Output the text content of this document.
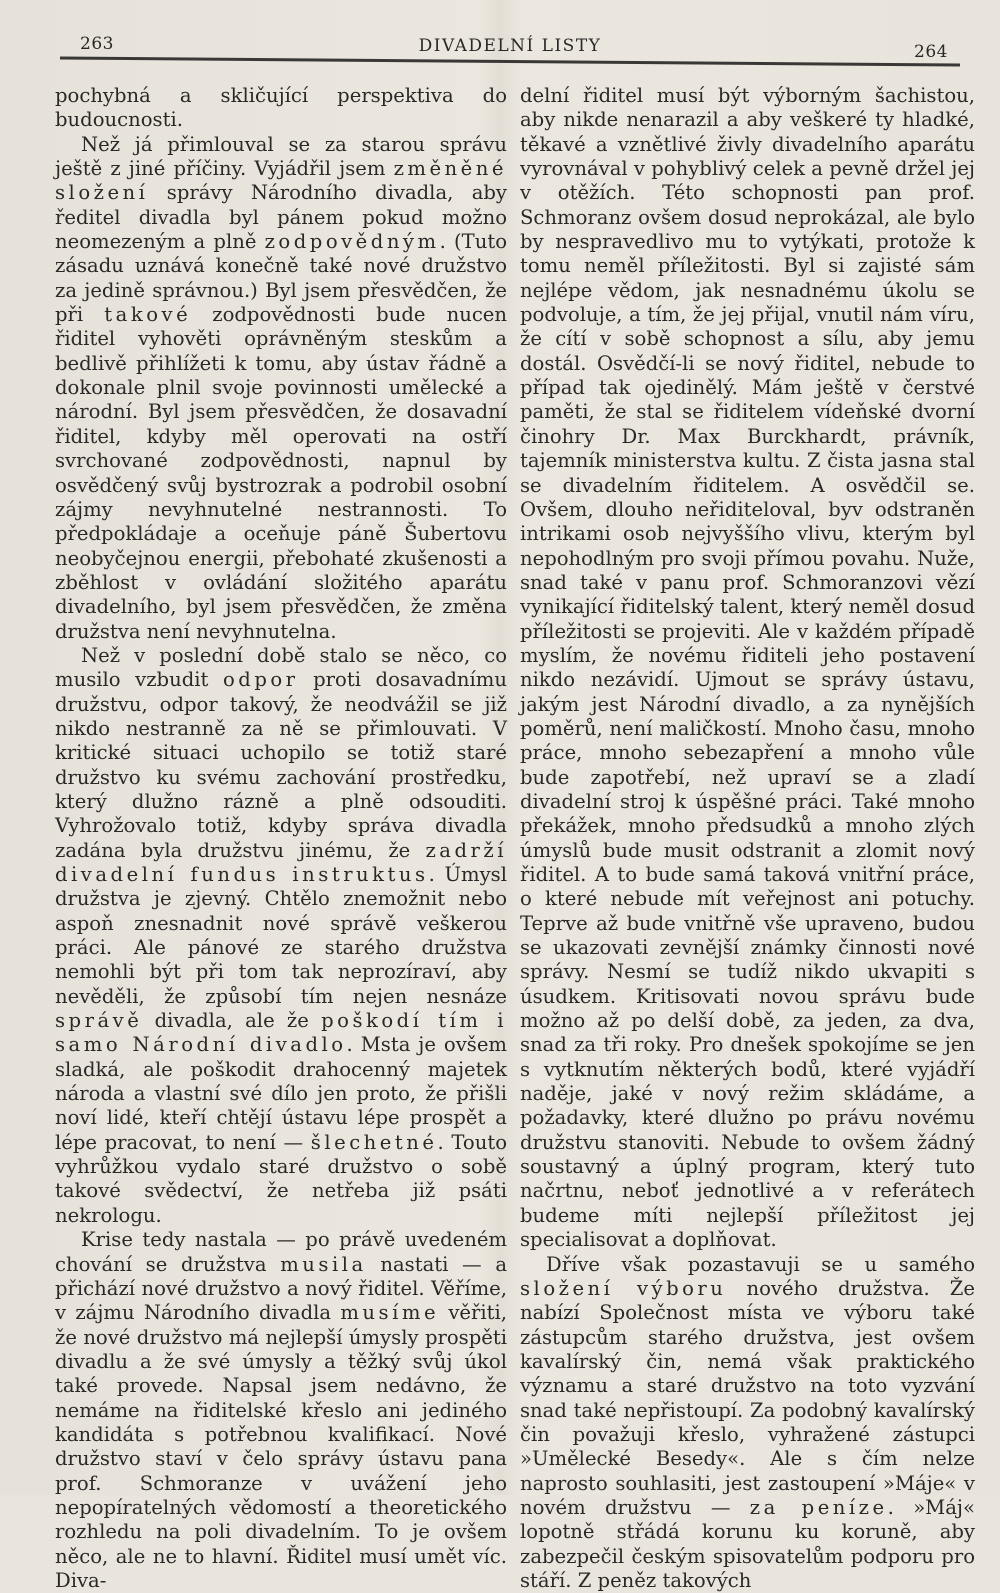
263	DIVADELNÍ LISTY	264

pochybná a skličující perspektiva do budoucnosti.

Než já přimlouval se za starou správu ještě z jiné příčiny. Vyjádřil jsem změněné složení správy Národního divadla, aby ředitel divadla byl pánem pokud možno neomezeným a plně zodpovědným. (Tuto zásadu uznává konečně také nové družstvo za jedině správnou.) Byl jsem přesvědčen, že při takové zodpovědnosti bude nucen řiditel vyhověti oprávněným steskům a bedlivě přihlížeti k tomu, aby ústav řádně a dokonale plnil svoje povinnosti umělecké a národní. Byl jsem přesvědčen, že dosavadní řiditel, kdyby měl operovati na ostří svrchované zodpovědnosti, napnul by osvědčený svůj bystrozrak a podrobil osobní zájmy nevyhnutelné nestrannosti. To předpokládaje a oceňuje páně Šubertovu neobyčejnou energii, přebohaté zkušenosti a zběhlost v ovládání složitého aparátu divadelního, byl jsem přesvědčen, že změna družstva není nevyhnutelna.

Než v poslední době stalo se něco, co musilo vzbudit odpor proti dosavadnímu družstvu, odpor takový, že neodvážil se již nikdo nestranně za ně se přimlouvati. V kritické situaci uchopilo se totiž staré družstvo ku svému zachování prostředku, který dlužno rázně a plně odsouditi. Vyhrožovalo totiž, kdyby správa divadla zadána byla družstvu jinému, že zadrží divadelní fundus instruktus. Úmysl družstva je zjevný. Chtělo znemožnit nebo aspoň znesnadnit nové správě veškerou práci. Ale pánové ze starého družstva nemohli být při tom tak neprozíraví, aby nevěděli, že způsobí tím nejen nesnáze správě divadla, ale že poškodí tím i samo Národní divadlo. Msta je ovšem sladká, ale poškodit drahocenný majetek národa a vlastní své dílo jen proto, že přišli noví lidé, kteří chtějí ústavu lépe prospět a lépe pracovat, to není — šlechetné. Touto vyhrůžkou vydalo staré družstvo o sobě takové svědectví, že netřeba již psáti nekrologu.

Krise tedy nastala — po právě uvedeném chování se družstva musila nastati — a přichází nové družstvo a nový řiditel. Věříme, v zájmu Národního divadla musíme věřiti, že nové družstvo má nejlepší úmysly prospěti divadlu a že své úmysly a těžký svůj úkol také provede. Napsal jsem nedávno, že nemáme na řiditelské křeslo ani jediného kandidáta s potřebnou kvalifikací. Nové družstvo staví v čelo správy ústavu pana prof. Schmoranze v uvážení jeho nepopíratelných vědomostí a theoretického rozhledu na poli divadelním. To je ovšem něco, ale ne to hlavní. Řiditel musí umět víc. Diva-

delní řiditel musí být výborným šachistou, aby nikde nenarazil a aby veškeré ty hladké, těkavé a vznětlivé živly divadelního aparátu vyrovnával v pohyblivý celek a pevně držel jej v otěžích. Této schopnosti pan prof. Schmoranz ovšem dosud neprokázal, ale bylo by nespravedlivo mu to vytýkati, protože k tomu neměl příležitosti. Byl si zajisté sám nejlépe vědom, jak nesnadnému úkolu se podvoluje, a tím, že jej přijal, vnutil nám víru, že cítí v sobě schopnost a sílu, aby jemu dostál. Osvědčí-li se nový řiditel, nebude to případ tak ojedinělý. Mám ještě v čerstvé paměti, že stal se řiditelem vídeňské dvorní činohry Dr. Max Burckhardt, právník, tajemník ministerstva kultu. Z čista jasna stal se divadelním řiditelem. A osvědčil se. Ovšem, dlouho neřiditeloval, byv odstraněn intrikami osob nejvyššího vlivu, kterým byl nepohodlným pro svoji přímou povahu. Nuže, snad také v panu prof. Schmoranzovi vězí vynikající řiditelský talent, který neměl dosud příležitosti se projeviti. Ale v každém případě myslím, že novému řiditeli jeho postavení nikdo nezávidí. Ujmout se správy ústavu, jakým jest Národní divadlo, a za nynějších poměrů, není maličkostí. Mnoho času, mnoho práce, mnoho sebezapření a mnoho vůle bude zapotřebí, než upraví se a zladí divadelní stroj k úspěšné práci. Také mnoho překážek, mnoho předsudků a mnoho zlých úmyslů bude musit odstranit a zlomit nový řiditel. A to bude samá taková vnitřní práce, o které nebude mít veřejnost ani potuchy. Teprve až bude vnitřně vše upraveno, budou se ukazovati zevnější známky činnosti nové správy. Nesmí se tudíž nikdo ukvapiti s úsudkem. Kritisovati novou správu bude možno až po delší době, za jeden, za dva, snad za tři roky. Pro dnešek spokojíme se jen s vytknutím některých bodů, které vyjádří naděje, jaké v nový režim skládáme, a požadavky, které dlužno po právu novému družstvu stanoviti. Nebude to ovšem žádný soustavný a úplný program, který tuto načrtnu, neboť jednotlivé a v referátech budeme míti nejlepší příležitost jej specialisovat a doplňovat.

Dříve však pozastavuji se u samého složení výboru nového družstva. Že nabízí Společnost místa ve výboru také zástupcům starého družstva, jest ovšem kavalírský čin, nemá však praktického významu a staré družstvo na toto vyzvání snad také nepřistoupí. Za podobný kavalírský čin považuji křeslo, vyhražené zástupci »Umělecké Besedy«. Ale s čím nelze naprosto souhlasiti, jest zastoupení »Máje« v novém družstvu — za peníze. »Máj« lopotně střádá korunu ku koruně, aby zabezpečil českým spisovatelům podporu pro stáří. Z peněz takových
